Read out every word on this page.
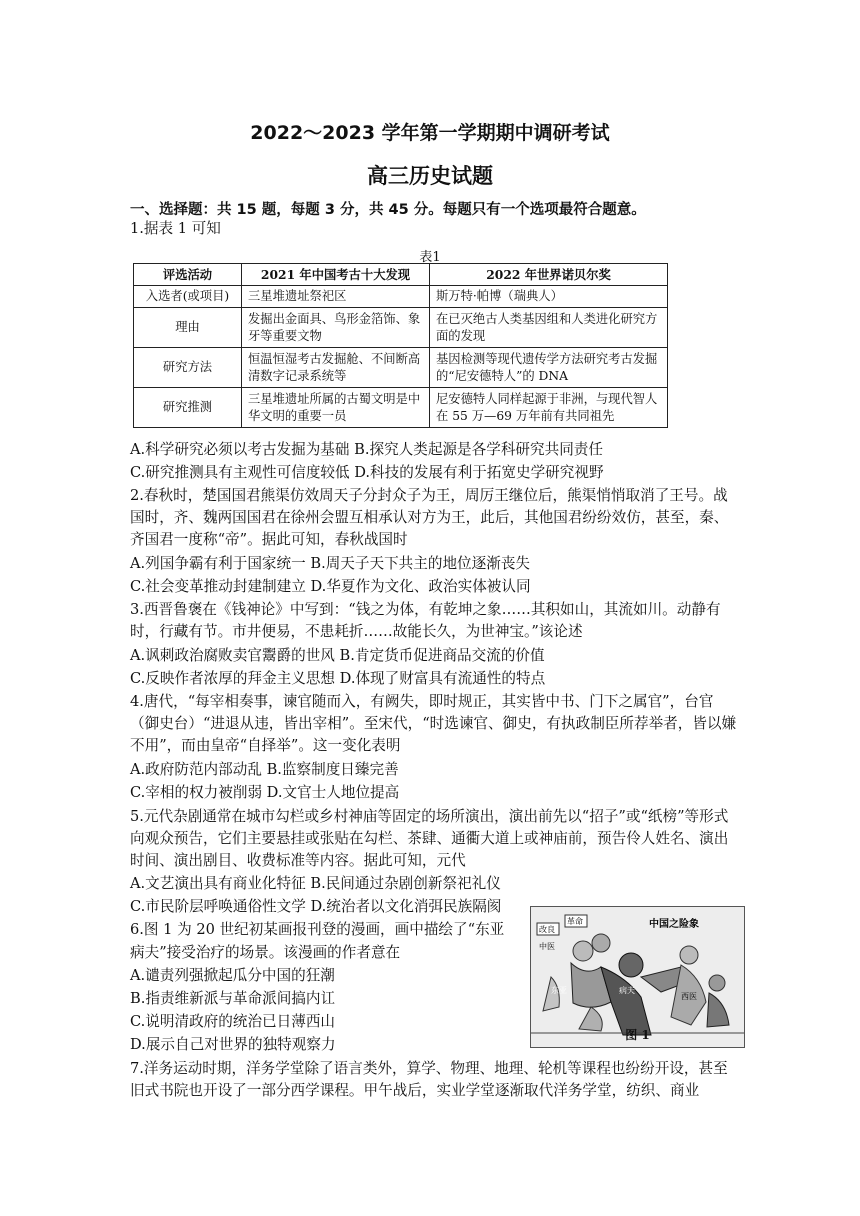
2022～2023 学年第一学期期中调研考试
高三历史试题
一、选择题：共 15 题，每题 3 分，共 45 分。每题只有一个选项最符合题意。
1.据表 1 可知
表1
评选活动	2021 年中国考古十大发现	2022 年世界诺贝尔奖
入选者(或项目)	三星堆遗址祭祀区	斯万特·帕博（瑞典人）
理由	发掘出金面具、鸟形金箔饰、象牙等重要文物	在已灭绝古人类基因组和人类进化研究方面的发现
研究方法	恒温恒湿考古发掘舱、不间断高清数字记录系统等	基因检测等现代遗传学方法研究考古发掘的“尼安德特人”的 DNA
研究推测	三星堆遗址所属的古蜀文明是中华文明的重要一员	尼安德特人同样起源于非洲，与现代智人在 55 万—69 万年前有共同祖先
A.科学研究必须以考古发掘为基础 B.探究人类起源是各学科研究共同责任
C.研究推测具有主观性可信度较低 D.科技的发展有利于拓宽史学研究视野
2.春秋时，楚国国君熊渠仿效周天子分封众子为王，周厉王继位后，熊渠悄悄取消了王号。战国时，齐、魏两国国君在徐州会盟互相承认对方为王，此后，其他国君纷纷效仿，甚至，秦、齐国君一度称“帝”。据此可知，春秋战国时
A.列国争霸有利于国家统一 B.周天子天下共主的地位逐渐丧失
C.社会变革推动封建制建立 D.华夏作为文化、政治实体被认同
3.西晋鲁褒在《钱神论》中写到：“钱之为体，有乾坤之象……其积如山，其流如川。动静有时，行藏有节。市井便易，不患耗折……故能长久，为世神宝。”该论述
A.讽刺政治腐败卖官鬻爵的世风 B.肯定货币促进商品交流的价值
C.反映作者浓厚的拜金主义思想 D.体现了财富具有流通性的特点
4.唐代，“每宰相奏事，谏官随而入，有阙失，即时规正，其实皆中书、门下之属官”，台官（御史台）“进退从违，皆出宰相”。至宋代，“时选谏官、御史，有执政制臣所荐举者，皆以嫌不用”，而由皇帝“自择举”。这一变化表明
A.政府防范内部动乱 B.监察制度日臻完善
C.宰相的权力被削弱 D.文官士人地位提高
5.元代杂剧通常在城市勾栏或乡村神庙等固定的场所演出，演出前先以“招子”或“纸榜”等形式向观众预告，它们主要悬挂或张贴在勾栏、茶肆、通衢大道上或神庙前，预告伶人姓名、演出时间、演出剧目、收费标准等内容。据此可知，元代
A.文艺演出具有商业化特征 B.民间通过杂剧创新祭祀礼仪
C.市民阶层呼唤通俗性文学 D.统治者以文化消弭民族隔阂
6.图 1 为 20 世纪初某画报刊登的漫画，画中描绘了“东亚
病夫”接受治疗的场景。该漫画的作者意在
A.谴责列强掀起瓜分中国的狂潮
B.指责维新派与革命派间搞内讧
C.说明清政府的统治已日薄西山
D.展示自己对世界的独特观察力
改良
革命	中国之险象
中医
东亚	病夫
西医
图 1
7.洋务运动时期，洋务学堂除了语言类外，算学、物理、地理、轮机等课程也纷纷开设，甚至旧式书院也开设了一部分西学课程。甲午战后，实业学堂逐渐取代洋务学堂，纺织、商业
